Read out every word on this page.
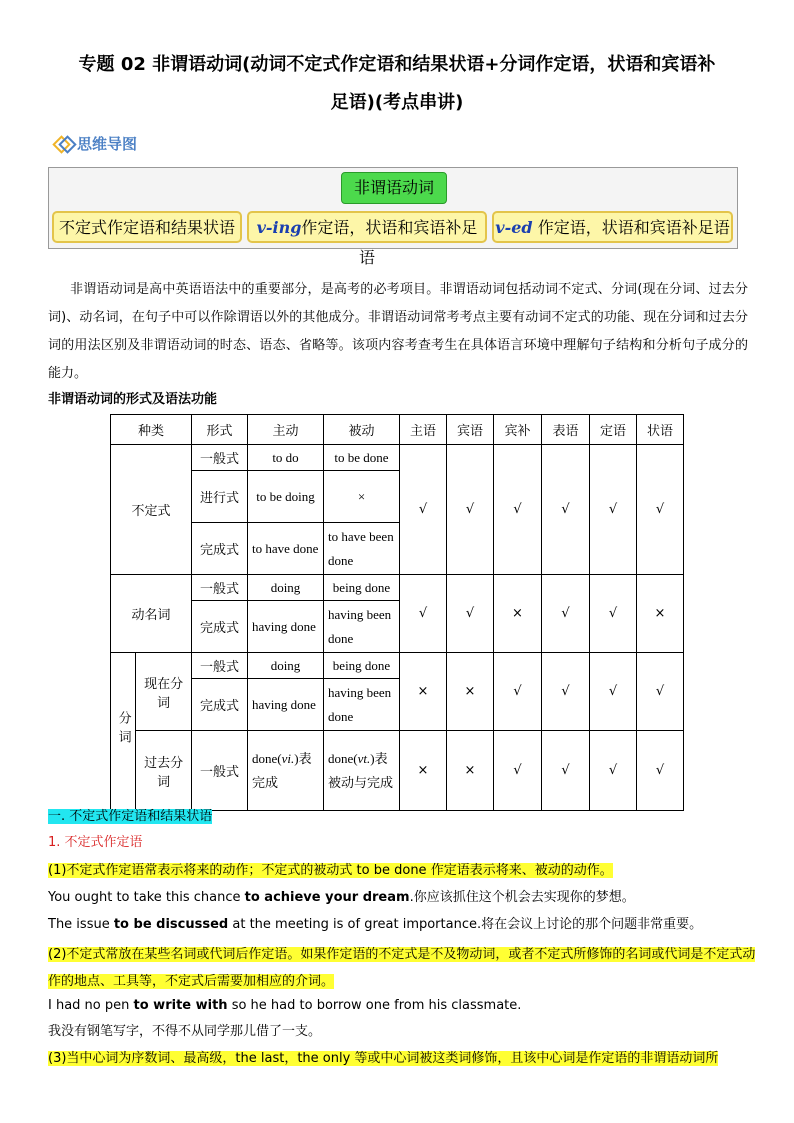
专题 02 非谓语动词(动词不定式作定语和结果状语+分词作定语，状语和宾语补
足语)(考点串讲)
思维导图
非谓语动词
不定式作定语和结果状语	v-ing作定语，状语和宾语补足语
v-ed 作定语，状语和宾语补足语
非谓语动词是高中英语语法中的重要部分，是高考的必考项目。非谓语动词包括动词不定式、分词(现在分词、过去分词)、动名词，在句子中可以作除谓语以外的其他成分。非谓语动词常考考点主要有动词不定式的功能、现在分词和过去分词的用法区别及非谓语动词的时态、语态、省略等。该项内容考查考生在具体语言环境中理解句子结构和分析句子成分的能力。
非谓语动词的形式及语法功能
种类		形式	主动	被动	主语	宾语	宾补	表语	定语	状语
不定式		一般式	to do	to be done	√	√	√	√	√	√
		进行式	to be doing	×						
		完成式	to have done	to have been done						
动名词		一般式	doing	being done	√	√	×	√	√	×
		完成式	having done	having been done						
分词	现在分词	一般式	doing	being done	×	×	√	√	√	√
		完成式	having done	having been done						
	过去分词	一般式	done(vi.)表完成	done(vt.)表被动与完成	×	×	√	√	√	√
一. 不定式作定语和结果状语
1. 不定式作定语
(1)不定式作定语常表示将来的动作；不定式的被动式 to be done 作定语表示将来、被动的动作。
You ought to take this chance to achieve your dream.你应该抓住这个机会去实现你的梦想。
The issue to be discussed at the meeting is of great importance.将在会议上讨论的那个问题非常重要。
(2)不定式常放在某些名词或代词后作定语。如果作定语的不定式是不及物动词，或者不定式所修饰的名词或代词是不定式动作的地点、工具等，不定式后需要加相应的介词。
I had no pen to write with so he had to borrow one from his classmate.
我没有钢笔写字，不得不从同学那儿借了一支。
(3)当中心词为序数词、最高级，the last，the only 等或中心词被这类词修饰，且该中心词是作定语的非谓语动词所
